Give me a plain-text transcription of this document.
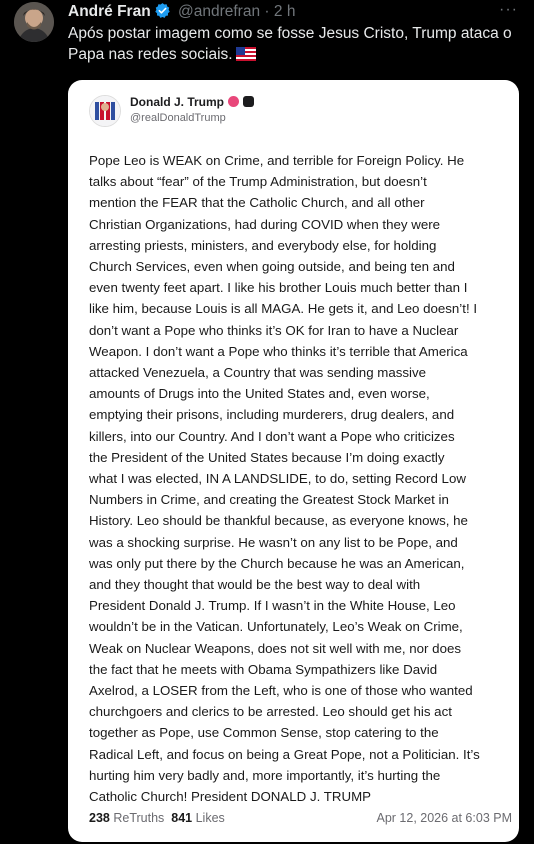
André Fran @andrefran · 2 h	···
Após postar imagem como se fosse Jesus Cristo, Trump ataca o Papa nas redes sociais.
Donald J. Trump
@realDonaldTrump
Pope Leo is WEAK on Crime, and terrible for Foreign Policy. He
talks about “fear” of the Trump Administration, but doesn’t
mention the FEAR that the Catholic Church, and all other
Christian Organizations, had during COVID when they were
arresting priests, ministers, and everybody else, for holding
Church Services, even when going outside, and being ten and
even twenty feet apart. I like his brother Louis much better than I
like him, because Louis is all MAGA. He gets it, and Leo doesn’t! I
don’t want a Pope who thinks it’s OK for Iran to have a Nuclear
Weapon. I don’t want a Pope who thinks it’s terrible that America
attacked Venezuela, a Country that was sending massive
amounts of Drugs into the United States and, even worse,
emptying their prisons, including murderers, drug dealers, and
killers, into our Country. And I don’t want a Pope who criticizes
the President of the United States because I’m doing exactly
what I was elected, IN A LANDSLIDE, to do, setting Record Low
Numbers in Crime, and creating the Greatest Stock Market in
History. Leo should be thankful because, as everyone knows, he
was a shocking surprise. He wasn’t on any list to be Pope, and
was only put there by the Church because he was an American,
and they thought that would be the best way to deal with
President Donald J. Trump. If I wasn’t in the White House, Leo
wouldn’t be in the Vatican. Unfortunately, Leo’s Weak on Crime,
Weak on Nuclear Weapons, does not sit well with me, nor does
the fact that he meets with Obama Sympathizers like David
Axelrod, a LOSER from the Left, who is one of those who wanted
churchgoers and clerics to be arrested. Leo should get his act
together as Pope, use Common Sense, stop catering to the
Radical Left, and focus on being a Great Pope, not a Politician. It’s
hurting him very badly and, more importantly, it’s hurting the
Catholic Church! President DONALD J. TRUMP
238 ReTruths 841 Likes	Apr 12, 2026 at 6:03 PM
